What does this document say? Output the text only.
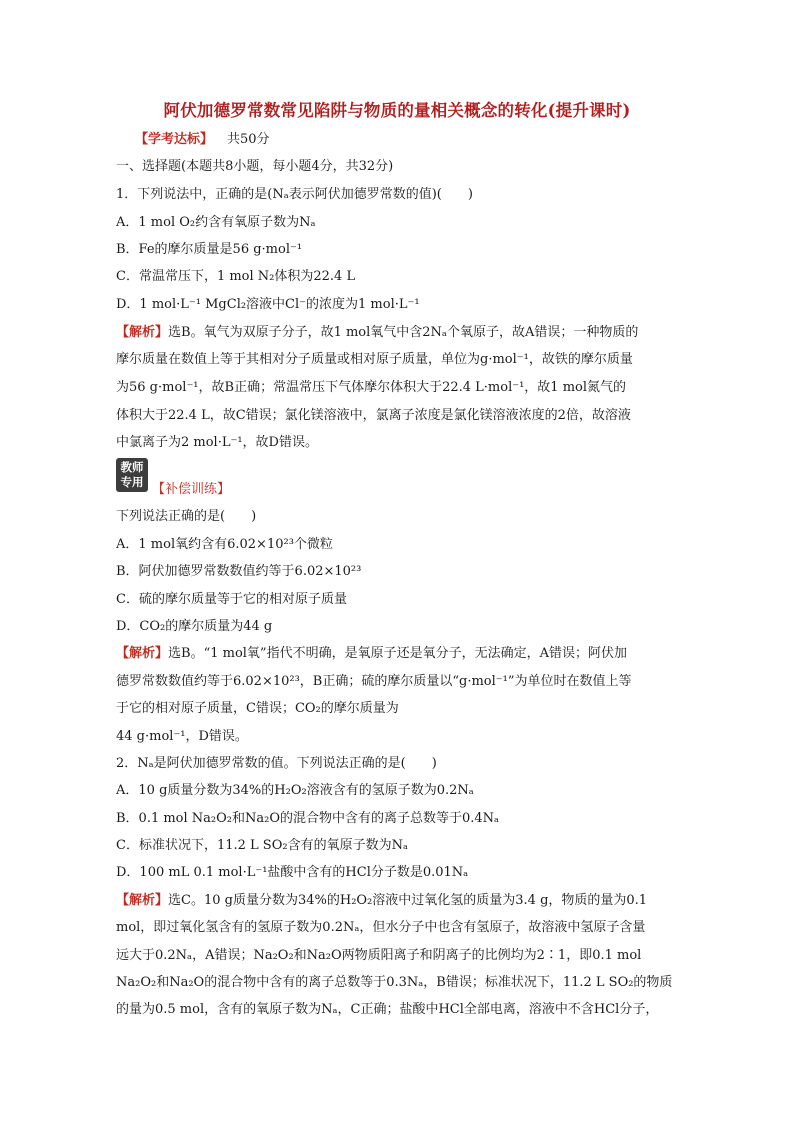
阿伏加德罗常数常见陷阱与物质的量相关概念的转化(提升课时)
【学考达标】 共50分
一、选择题(本题共8小题，每小题4分，共32分)
1．下列说法中，正确的是(Nₐ表示阿伏加德罗常数的值)(　　)
A．1 mol O₂约含有氧原子数为Nₐ
B．Fe的摩尔质量是56 g·mol⁻¹
C．常温常压下，1 mol N₂体积为22.4 L
D．1 mol·L⁻¹ MgCl₂溶液中Cl⁻的浓度为1 mol·L⁻¹
【解析】选B。氧气为双原子分子，故1 mol氧气中含2Nₐ个氧原子，故A错误；一种物质的
摩尔质量在数值上等于其相对分子质量或相对原子质量，单位为g·mol⁻¹，故铁的摩尔质量
为56 g·mol⁻¹，故B正确；常温常压下气体摩尔体积大于22.4 L·mol⁻¹，故1 mol氮气的
体积大于22.4 L，故C错误；氯化镁溶液中，氯离子浓度是氯化镁溶液浓度的2倍，故溶液
中氯离子为2 mol·L⁻¹，故D错误。
教师
专用 【补偿训练】
下列说法正确的是(　　)
A．1 mol氧约含有6.02×10²³个微粒
B．阿伏加德罗常数数值约等于6.02×10²³
C．硫的摩尔质量等于它的相对原子质量
D．CO₂的摩尔质量为44 g
【解析】选B。“1 mol氧”指代不明确，是氧原子还是氧分子，无法确定，A错误；阿伏加
德罗常数数值约等于6.02×10²³，B正确；硫的摩尔质量以“g·mol⁻¹”为单位时在数值上等
于它的相对原子质量，C错误；CO₂的摩尔质量为
44 g·mol⁻¹，D错误。
2．Nₐ是阿伏加德罗常数的值。下列说法正确的是(　　)
A．10 g质量分数为34%的H₂O₂溶液含有的氢原子数为0.2Nₐ
B．0.1 mol Na₂O₂和Na₂O的混合物中含有的离子总数等于0.4Nₐ
C．标准状况下，11.2 L SO₂含有的氧原子数为Nₐ
D．100 mL 0.1 mol·L⁻¹盐酸中含有的HCl分子数是0.01Nₐ
【解析】选C。10 g质量分数为34%的H₂O₂溶液中过氧化氢的质量为3.4 g，物质的量为0.1
mol，即过氧化氢含有的氢原子数为0.2Nₐ，但水分子中也含有氢原子，故溶液中氢原子含量
远大于0.2Nₐ，A错误；Na₂O₂和Na₂O两物质阳离子和阴离子的比例均为2∶1，即0.1 mol
Na₂O₂和Na₂O的混合物中含有的离子总数等于0.3Nₐ，B错误；标准状况下，11.2 L SO₂的物质
的量为0.5 mol，含有的氧原子数为Nₐ，C正确；盐酸中HCl全部电离，溶液中不含HCl分子，
